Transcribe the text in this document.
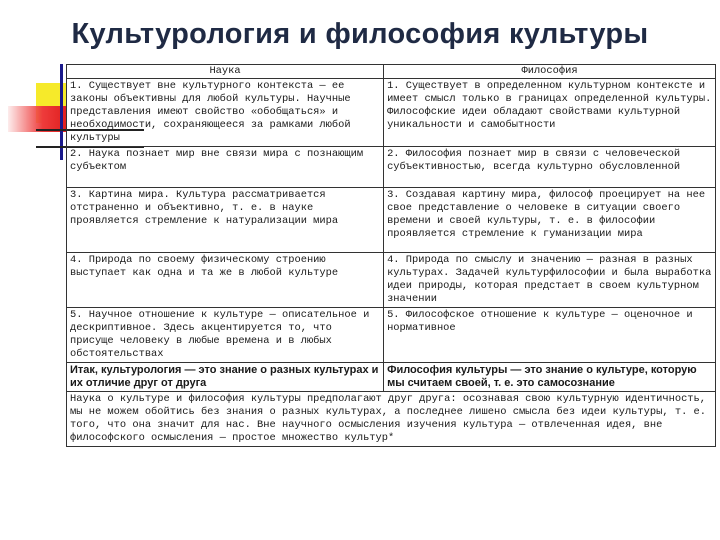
Культурология и философия культуры
Наука	Философия
1. Существует вне культурного контекста — ее законы объективны для любой культуры. Научные представления имеют свойство «обобщаться» и необходимости, сохраняющееся за рамками любой культуры	1. Существует в определенном культурном контексте и имеет смысл только в границах определенной культуры. Философские идеи обладают свойствами культурной уникальности и самобытности
2. Наука познает мир вне связи мира с познающим субъектом	2. Философия познает мир в связи с человеческой субъективностью, всегда культурно обусловленной
3. Картина мира. Культура рассматривается отстраненно и объективно, т. е. в науке проявляется стремление к натурализации мира	3. Создавая картину мира, философ проецирует на нее свое представление о человеке в ситуации своего времени и своей культуры, т. е. в философии проявляется стремление к гуманизации мира
4. Природа по своему физическому строению выступает как одна и та же в любой культуре	4. Природа по смыслу и значению — разная в разных культурах. Задачей культурфилософии и была выработка идеи природы, которая предстает в своем культурном значении
5. Научное отношение к культуре — описательное и дескриптивное. Здесь акцентируется то, что присуще человеку в любые времена и в любых обстоятельствах	5. Философское отношение к культуре — оценочное и нормативное
Итак, культурология — это знание о разных культурах и их отличие друг от друга	Философия культуры — это знание о культуре, которую мы считаем своей, т. е. это самосознание
Наука о культуре и философия культуры предполагают друг друга: осознавая свою культурную идентичность, мы не можем обойтись без знания о разных культурах, а последнее лишено смысла без идеи культуры, т. е. того, что она значит для нас. Вне научного осмысления изучения культура — отвлеченная идея, вне философского осмысления — простое множество культур*	
